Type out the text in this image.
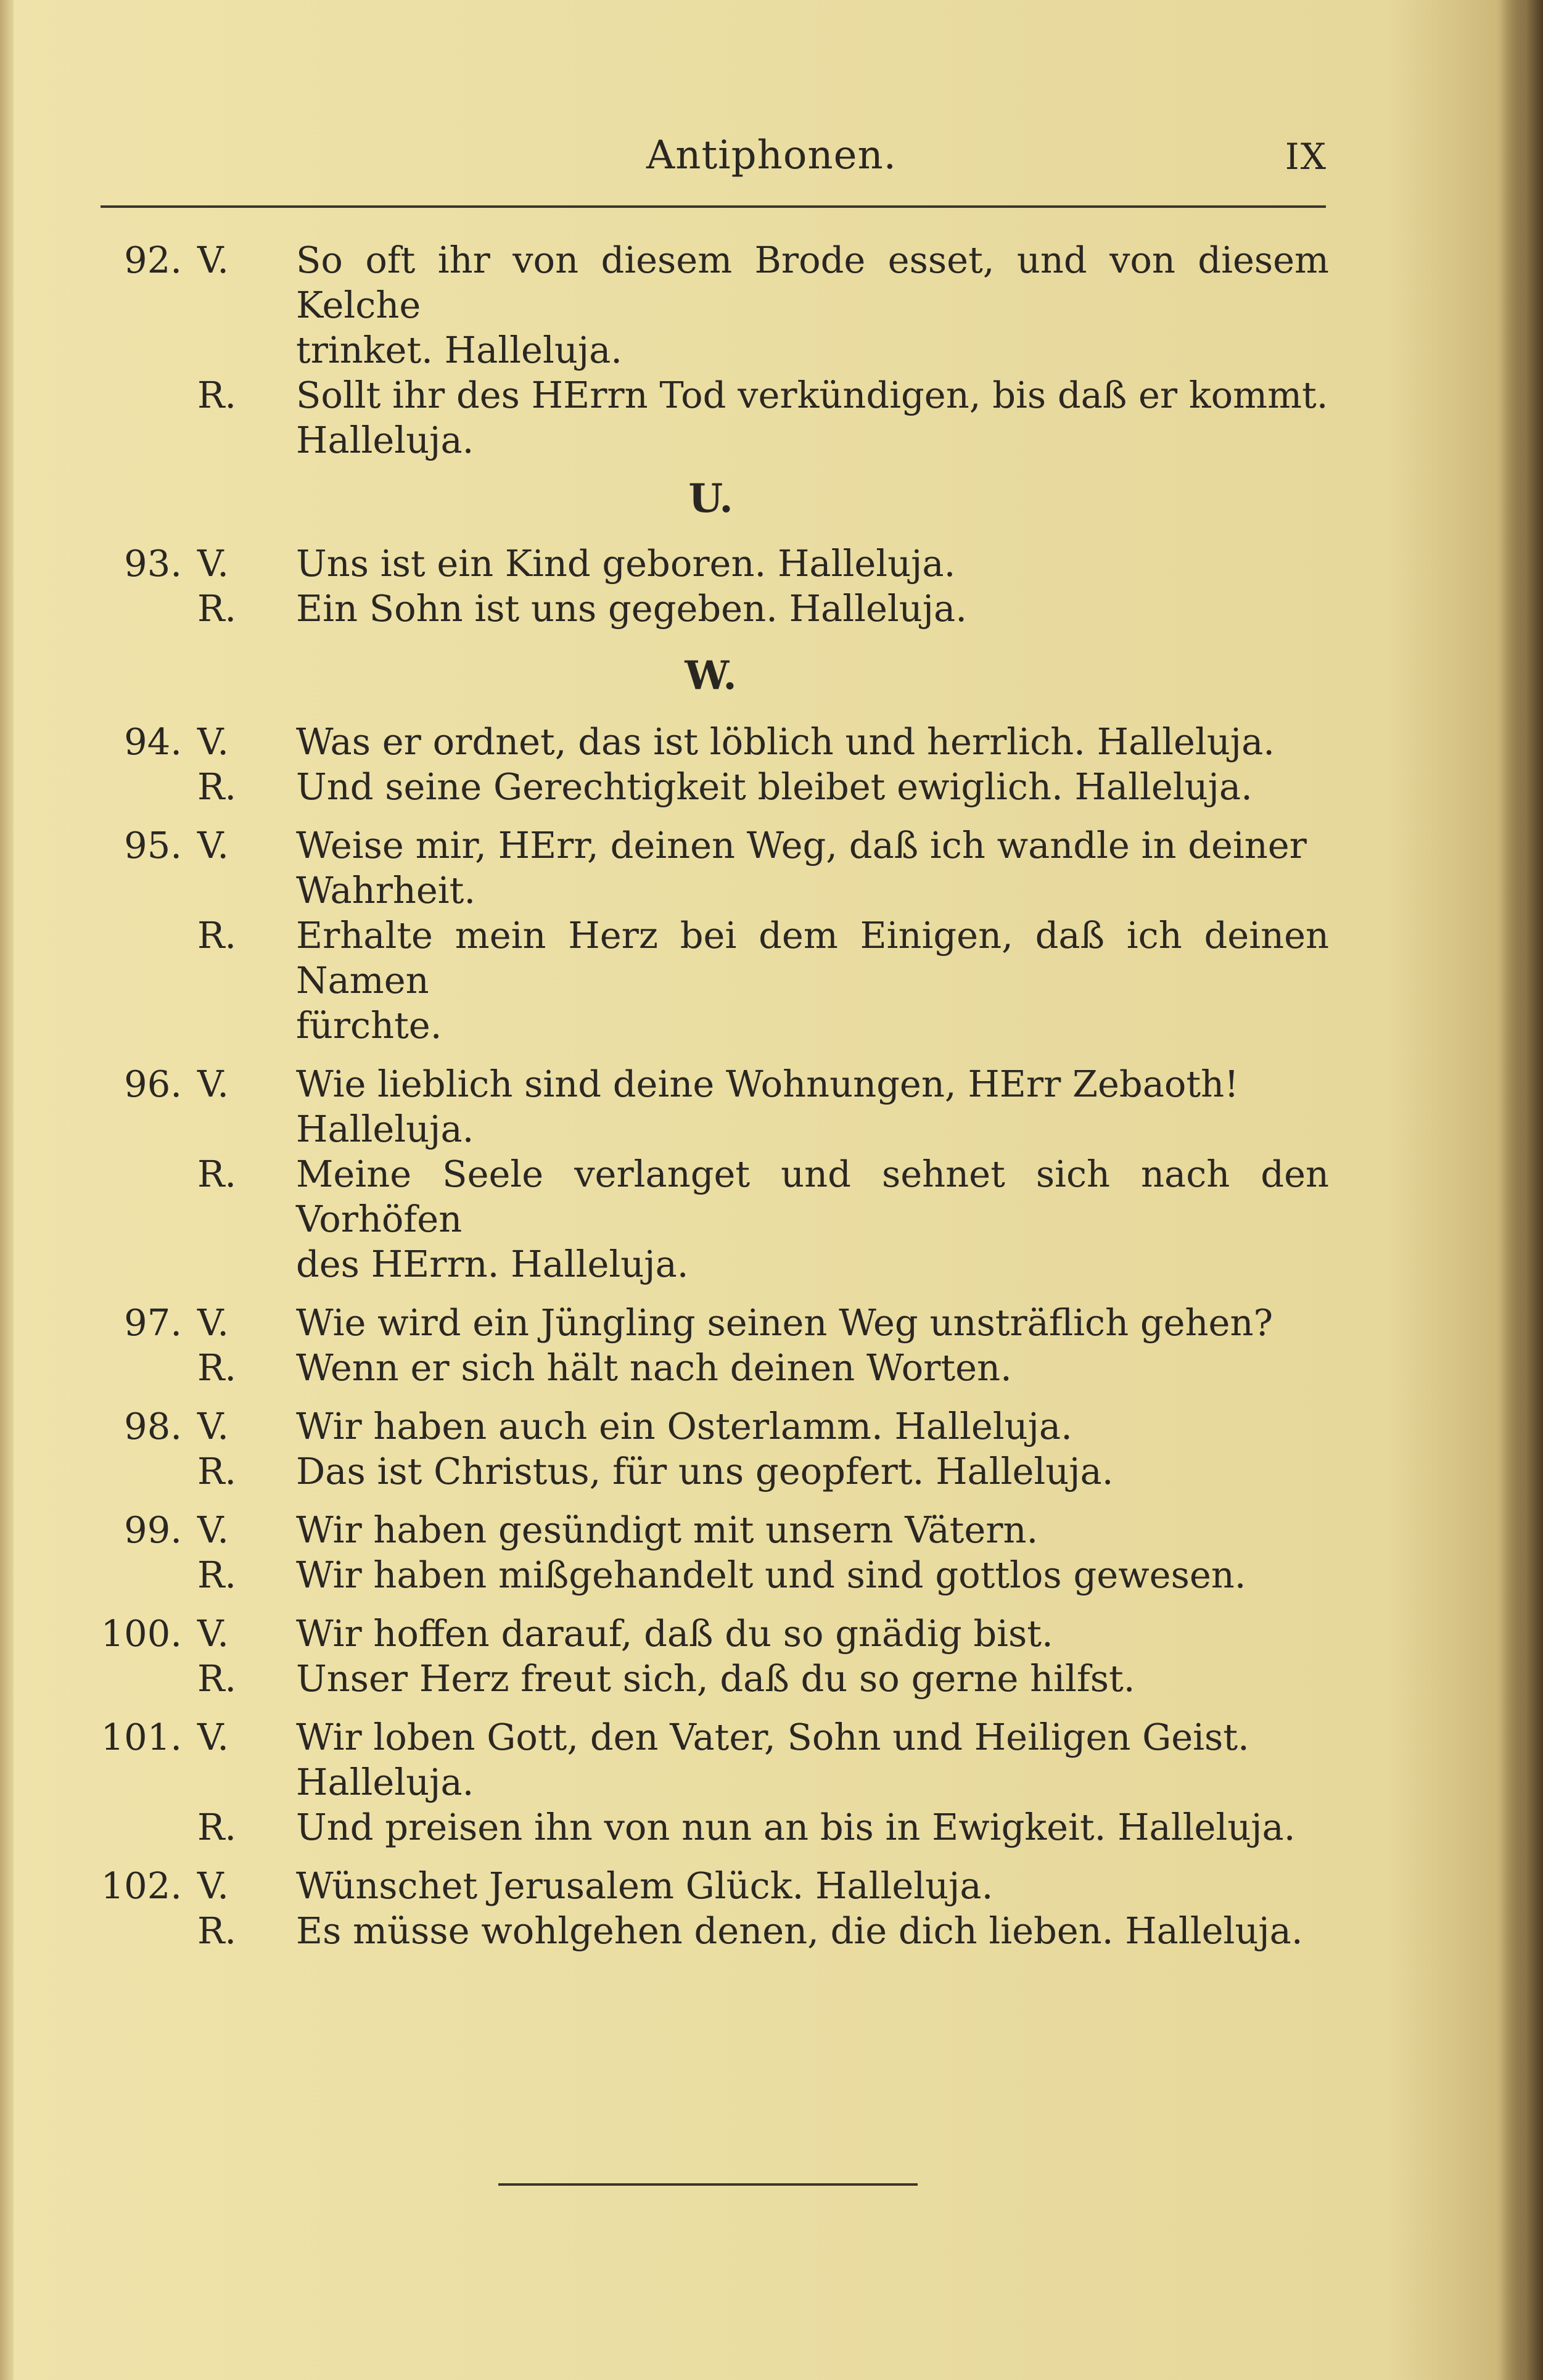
Antiphonen.	IX
92. V.	So oft ihr von diesem Brode esset, und von diesem Kelche
trinket. Halleluja.
R.	Sollt ihr des HErrn Tod verkündigen, bis daß er kommt.
Halleluja.
U.
93. V.	Uns ist ein Kind geboren. Halleluja.
R.	Ein Sohn ist uns gegeben. Halleluja.
W.
94. V.	Was er ordnet, das ist löblich und herrlich. Halleluja.
R.	Und seine Gerechtigkeit bleibet ewiglich. Halleluja.
95. V.	Weise mir, HErr, deinen Weg, daß ich wandle in deiner
Wahrheit.
R.	Erhalte mein Herz bei dem Einigen, daß ich deinen Namen
fürchte.
96. V.	Wie lieblich sind deine Wohnungen, HErr Zebaoth!
Halleluja.
R.	Meine Seele verlanget und sehnet sich nach den Vorhöfen
des HErrn. Halleluja.
97. V.	Wie wird ein Jüngling seinen Weg unsträflich gehen?
R.	Wenn er sich hält nach deinen Worten.
98. V.	Wir haben auch ein Osterlamm. Halleluja.
R.	Das ist Christus, für uns geopfert. Halleluja.
99. V.	Wir haben gesündigt mit unsern Vätern.
R.	Wir haben mißgehandelt und sind gottlos gewesen.
100. V.	Wir hoffen darauf, daß du so gnädig bist.
R.	Unser Herz freut sich, daß du so gerne hilfst.
101. V.	Wir loben Gott, den Vater, Sohn und Heiligen Geist.
Halleluja.
R.	Und preisen ihn von nun an bis in Ewigkeit. Halleluja.
102. V.	Wünschet Jerusalem Glück. Halleluja.
R.	Es müsse wohlgehen denen, die dich lieben. Halleluja.
